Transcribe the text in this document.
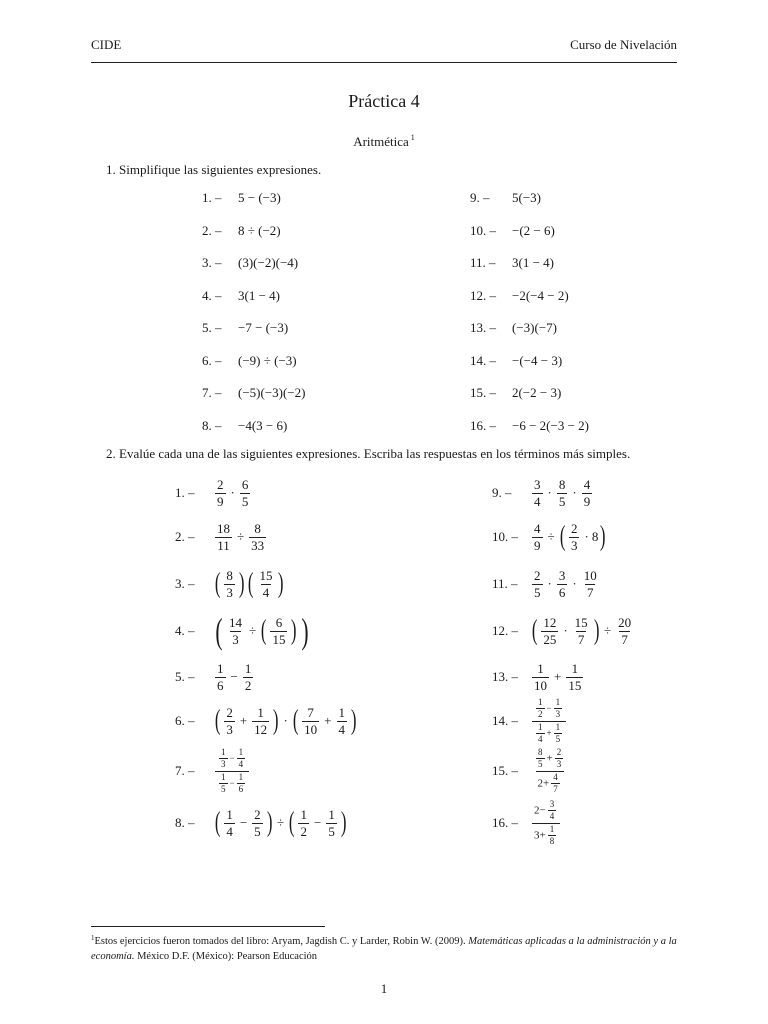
CIDE	Curso de Nivelación
Práctica 4
Aritmética $^1$
1. Simplifique las siguientes expresiones.
1. – 5 − (−3)
2. – 8 ÷ (−2)
3. – (3)(−2)(−4)
4. – 3(1 − 4)
5. – −7 − (−3)
6. – (−9) ÷ (−3)
7. – (−5)(−3)(−2)
8. – −4(3 − 6)
9. – 5(−3)
10. – −(2 − 6)
11. – 3(1 − 4)
12. – −2(−4 − 2)
13. – (−3)(−7)
14. – −(−4 − 3)
15. – 2(−2 − 3)
16. – −6 − 2(−3 − 2)
2. Evalúe cada una de las siguientes expresiones. Escriba las respuestas en los términos más simples.
1. –	$\frac{2}{9} \cdot \frac{6}{5}$
2. –	$\frac{18}{11} \div \frac{8}{33}$
3. – ( $\frac{8}{3}$ ) ( $\frac{15}{4}$ )
4. – ( $\frac{14}{3}$ ÷ ( $\frac{6}{15}$ ) )
5. –	$\frac{1}{6} - \frac{1}{2}$
6. – ( $\frac{2}{3} + \frac{1}{12}$ ) · ( $\frac{7}{10} + \frac{1}{4}$ )
7. –	$\frac{\frac{1}{3} - \frac{1}{4}}{\frac{1}{5} - \frac{1}{6}}$
8. – ( $\frac{1}{4} - \frac{2}{5}$ ) ÷ ( $\frac{1}{2} - \frac{1}{5}$ )
9. –	$\frac{3}{4} \cdot \frac{8}{5} \cdot \frac{4}{9}$
10. –	$\frac{4}{9}$ ÷ ( $\frac{2}{3} \cdot 8$ )
11. –	$\frac{2}{5} \cdot \frac{3}{6} \cdot \frac{10}{7}$
12. – ( $\frac{12}{25} \cdot \frac{15}{7}$ ) ÷ $\frac{20}{7}$
13. –	$\frac{1}{10} + \frac{1}{15}$
14. –	$\frac{\frac{1}{2} - \frac{1}{3}}{\frac{1}{4} + \frac{1}{5}}$
15. –	$\frac{\frac{8}{5} + \frac{2}{3}}{2+ \frac{4}{7}}$
16. –	$\frac{2- \frac{3}{4}}{3+ \frac{1}{8}}$
$^1$Estos ejercicios fueron tomados del libro: Aryam, Jagdish C. y Larder, Robin W. (2009). Matemáticas aplicadas a la administración y a la economía. México D.F. (México): Pearson Educación
1
